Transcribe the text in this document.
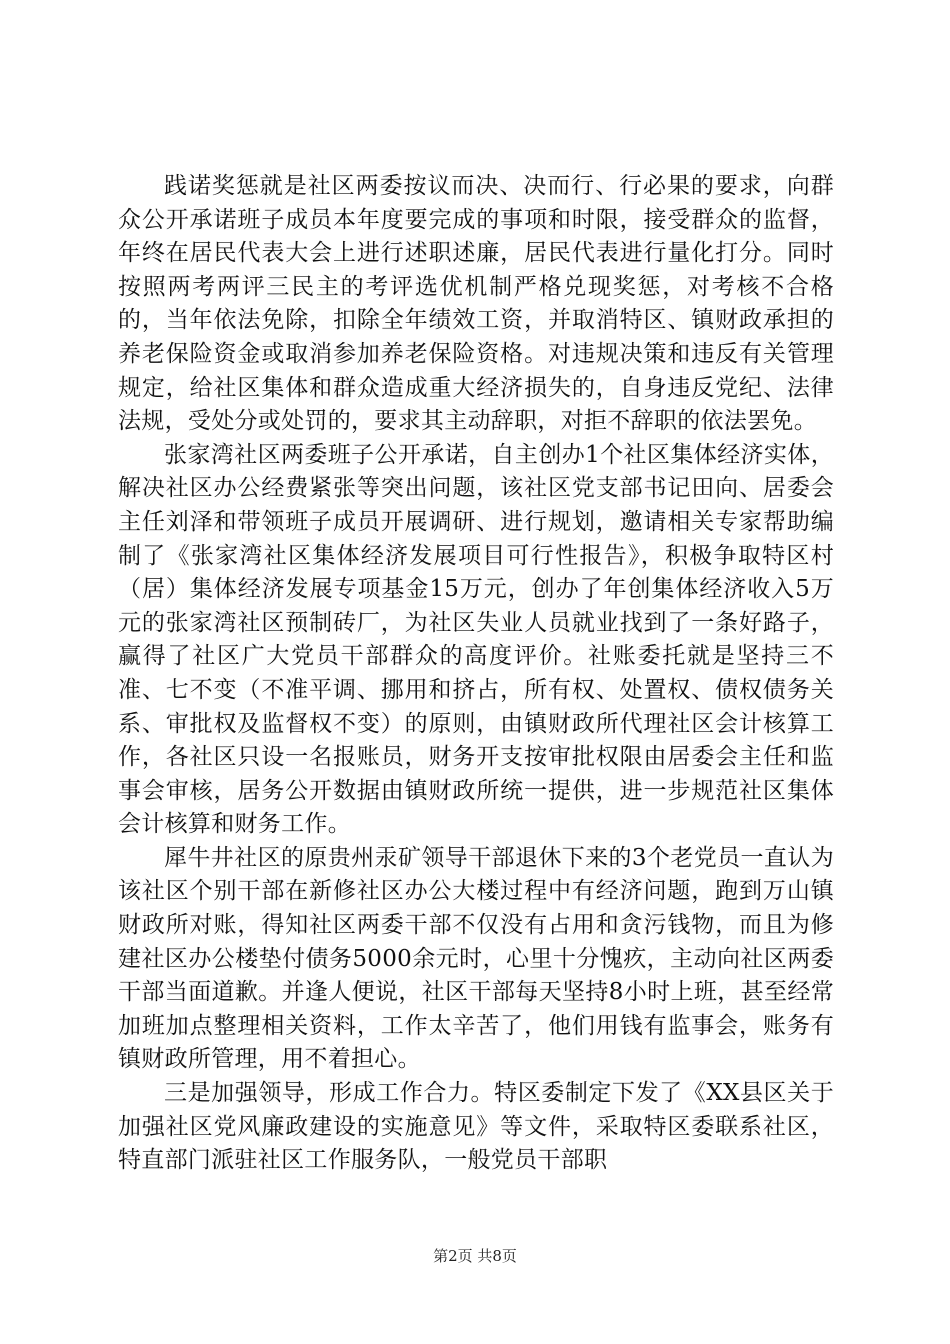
践诺奖惩就是社区两委按议而决、决而行、行必果的要求，向群众公开承诺班子成员本年度要完成的事项和时限，接受群众的监督，年终在居民代表大会上进行述职述廉，居民代表进行量化打分。同时按照两考两评三民主的考评选优机制严格兑现奖惩，对考核不合格的，当年依法免除，扣除全年绩效工资，并取消特区、镇财政承担的养老保险资金或取消参加养老保险资格。对违规决策和违反有关管理规定，给社区集体和群众造成重大经济损失的，自身违反党纪、法律法规，受处分或处罚的，要求其主动辞职，对拒不辞职的依法罢免。

张家湾社区两委班子公开承诺，自主创办1个社区集体经济实体，解决社区办公经费紧张等突出问题，该社区党支部书记田向、居委会主任刘泽和带领班子成员开展调研、进行规划，邀请相关专家帮助编制了《张家湾社区集体经济发展项目可行性报告》，积极争取特区村（居）集体经济发展专项基金15万元，创办了年创集体经济收入5万元的张家湾社区预制砖厂，为社区失业人员就业找到了一条好路子，赢得了社区广大党员干部群众的高度评价。社账委托就是坚持三不准、七不变（不准平调、挪用和挤占，所有权、处置权、债权债务关系、审批权及监督权不变）的原则，由镇财政所代理社区会计核算工作，各社区只设一名报账员，财务开支按审批权限由居委会主任和监事会审核，居务公开数据由镇财政所统一提供，进一步规范社区集体会计核算和财务工作。

犀牛井社区的原贵州汞矿领导干部退休下来的3个老党员一直认为该社区个别干部在新修社区办公大楼过程中有经济问题，跑到万山镇财政所对账，得知社区两委干部不仅没有占用和贪污钱物，而且为修建社区办公楼垫付债务5000余元时，心里十分愧疚，主动向社区两委干部当面道歉。并逢人便说，社区干部每天坚持8小时上班，甚至经常加班加点整理相关资料，工作太辛苦了，他们用钱有监事会，账务有镇财政所管理，用不着担心。

三是加强领导，形成工作合力。特区委制定下发了《XX县区关于加强社区党风廉政建设的实施意见》等文件，采取特区委联系社区，特直部门派驻社区工作服务队，一般党员干部职

第2页 共8页
